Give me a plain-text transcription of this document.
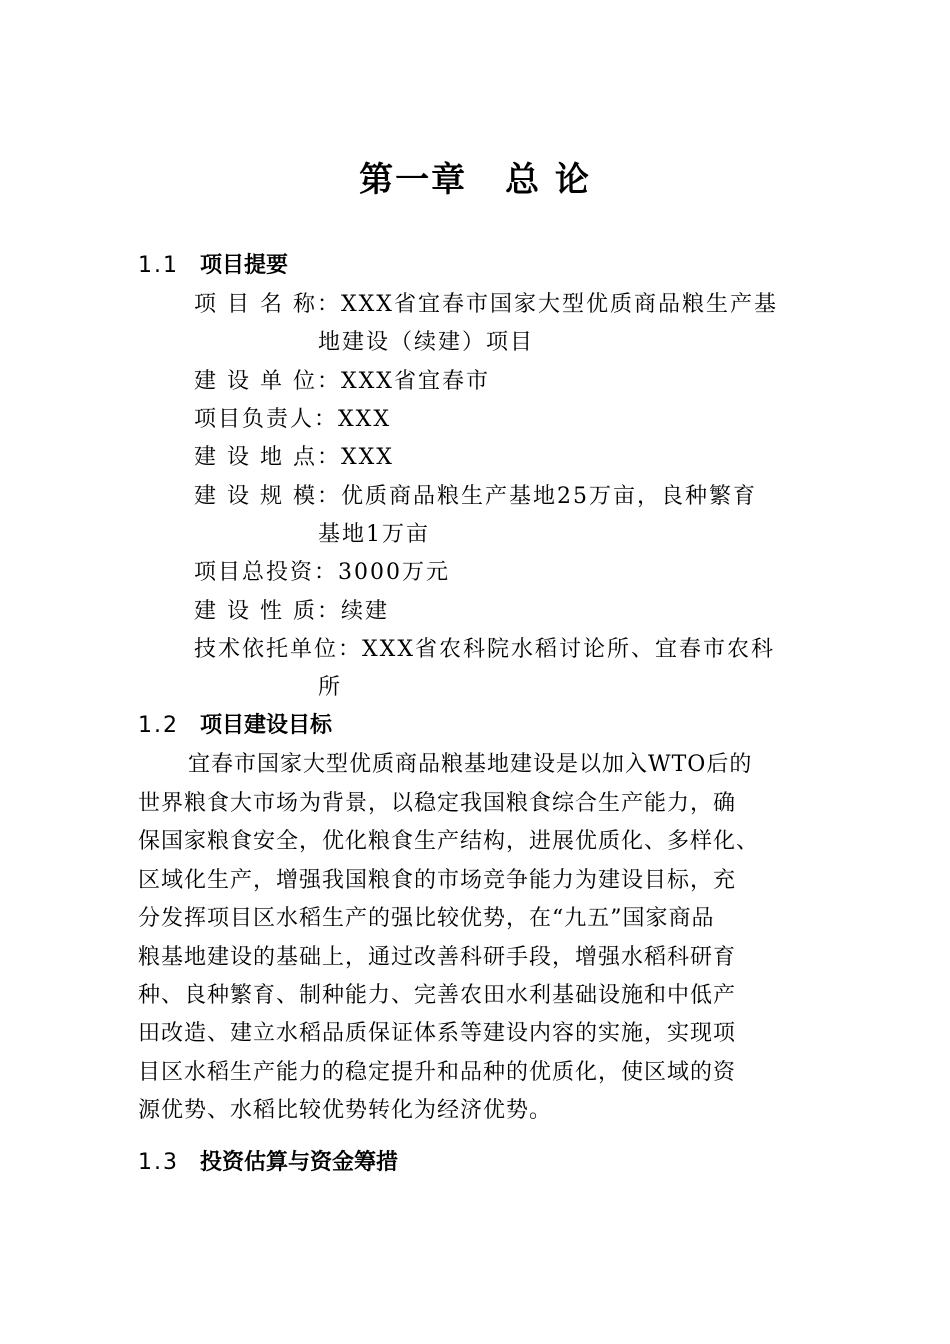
第一章 总 论
1.1 项目提要
项 目 名 称：XXX省宜春市国家大型优质商品粮生产基
地建设（续建）项目
建 设 单 位：XXX省宜春市
项目负责人：XXX
建 设 地 点：XXX
建 设 规 模：优质商品粮生产基地25万亩，良种繁育
基地1万亩
项目总投资：3000万元
建 设 性 质：续建
技术依托单位：XXX省农科院水稻讨论所、宜春市农科
所
1.2 项目建设目标
宜春市国家大型优质商品粮基地建设是以加入WTO后的
世界粮食大市场为背景，以稳定我国粮食综合生产能力，确
保国家粮食安全，优化粮食生产结构，进展优质化、多样化、
区域化生产，增强我国粮食的市场竞争能力为建设目标，充
分发挥项目区水稻生产的强比较优势，在“九五”国家商品
粮基地建设的基础上，通过改善科研手段，增强水稻科研育
种、良种繁育、制种能力、完善农田水利基础设施和中低产
田改造、建立水稻品质保证体系等建设内容的实施，实现项
目区水稻生产能力的稳定提升和品种的优质化，使区域的资
源优势、水稻比较优势转化为经济优势。
1.3 投资估算与资金筹措
